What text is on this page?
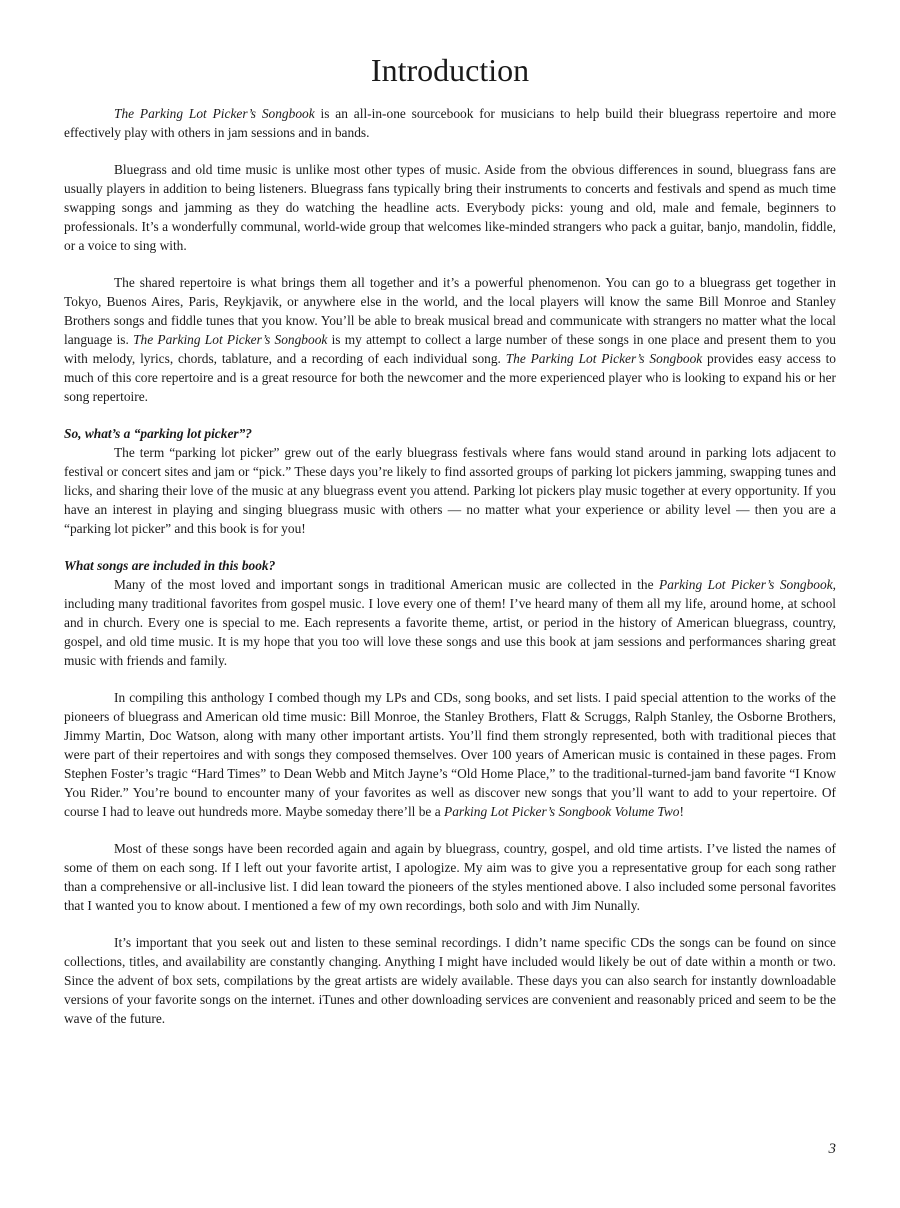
Introduction

The Parking Lot Picker’s Songbook is an all-in-one sourcebook for musicians to help build their bluegrass repertoire and more effectively play with others in jam sessions and in bands.

Bluegrass and old time music is unlike most other types of music. Aside from the obvious differences in sound, bluegrass fans are usually players in addition to being listeners. Bluegrass fans typically bring their instruments to concerts and festivals and spend as much time swapping songs and jamming as they do watching the headline acts. Everybody picks: young and old, male and female, beginners to professionals. It’s a wonderfully communal, world-wide group that welcomes like-minded strangers who pack a guitar, banjo, mandolin, fiddle, or a voice to sing with.

The shared repertoire is what brings them all together and it’s a powerful phenomenon. You can go to a bluegrass get together in Tokyo, Buenos Aires, Paris, Reykjavik, or anywhere else in the world, and the local players will know the same Bill Monroe and Stanley Brothers songs and fiddle tunes that you know. You’ll be able to break musical bread and communicate with strangers no matter what the local language is. The Parking Lot Picker’s Songbook is my attempt to collect a large number of these songs in one place and present them to you with melody, lyrics, chords, tablature, and a recording of each individual song. The Parking Lot Picker’s Songbook provides easy access to much of this core repertoire and is a great resource for both the newcomer and the more experienced player who is looking to expand his or her song repertoire.

So, what’s a “parking lot picker”?

The term “parking lot picker” grew out of the early bluegrass festivals where fans would stand around in parking lots adjacent to festival or concert sites and jam or “pick.” These days you’re likely to find assorted groups of parking lot pickers jamming, swapping tunes and licks, and sharing their love of the music at any bluegrass event you attend. Parking lot pickers play music together at every opportunity. If you have an interest in playing and singing bluegrass music with others — no matter what your experience or ability level — then you are a “parking lot picker” and this book is for you!

What songs are included in this book?

Many of the most loved and important songs in traditional American music are collected in the Parking Lot Picker’s Songbook, including many traditional favorites from gospel music. I love every one of them! I’ve heard many of them all my life, around home, at school and in church. Every one is special to me. Each represents a favorite theme, artist, or period in the history of American bluegrass, country, gospel, and old time music. It is my hope that you too will love these songs and use this book at jam sessions and performances sharing great music with friends and family.

In compiling this anthology I combed though my LPs and CDs, song books, and set lists. I paid special attention to the works of the pioneers of bluegrass and American old time music: Bill Monroe, the Stanley Brothers, Flatt & Scruggs, Ralph Stanley, the Osborne Brothers, Jimmy Martin, Doc Watson, along with many other important artists. You’ll find them strongly represented, both with traditional pieces that were part of their repertoires and with songs they composed themselves. Over 100 years of American music is contained in these pages. From Stephen Foster’s tragic “Hard Times” to Dean Webb and Mitch Jayne’s “Old Home Place,” to the traditional-turned-jam band favorite “I Know You Rider.” You’re bound to encounter many of your favorites as well as discover new songs that you’ll want to add to your repertoire. Of course I had to leave out hundreds more. Maybe someday there’ll be a Parking Lot Picker’s Songbook Volume Two!

Most of these songs have been recorded again and again by bluegrass, country, gospel, and old time artists. I’ve listed the names of some of them on each song. If I left out your favorite artist, I apologize. My aim was to give you a representative group for each song rather than a comprehensive or all-inclusive list. I did lean toward the pioneers of the styles mentioned above. I also included some personal favorites that I wanted you to know about. I mentioned a few of my own recordings, both solo and with Jim Nunally.

It’s important that you seek out and listen to these seminal recordings. I didn’t name specific CDs the songs can be found on since collections, titles, and availability are constantly changing. Anything I might have included would likely be out of date within a month or two. Since the advent of box sets, compilations by the great artists are widely available. These days you can also search for instantly downloadable versions of your favorite songs on the internet. iTunes and other downloading services are convenient and reasonably priced and seem to be the wave of the future.

3
